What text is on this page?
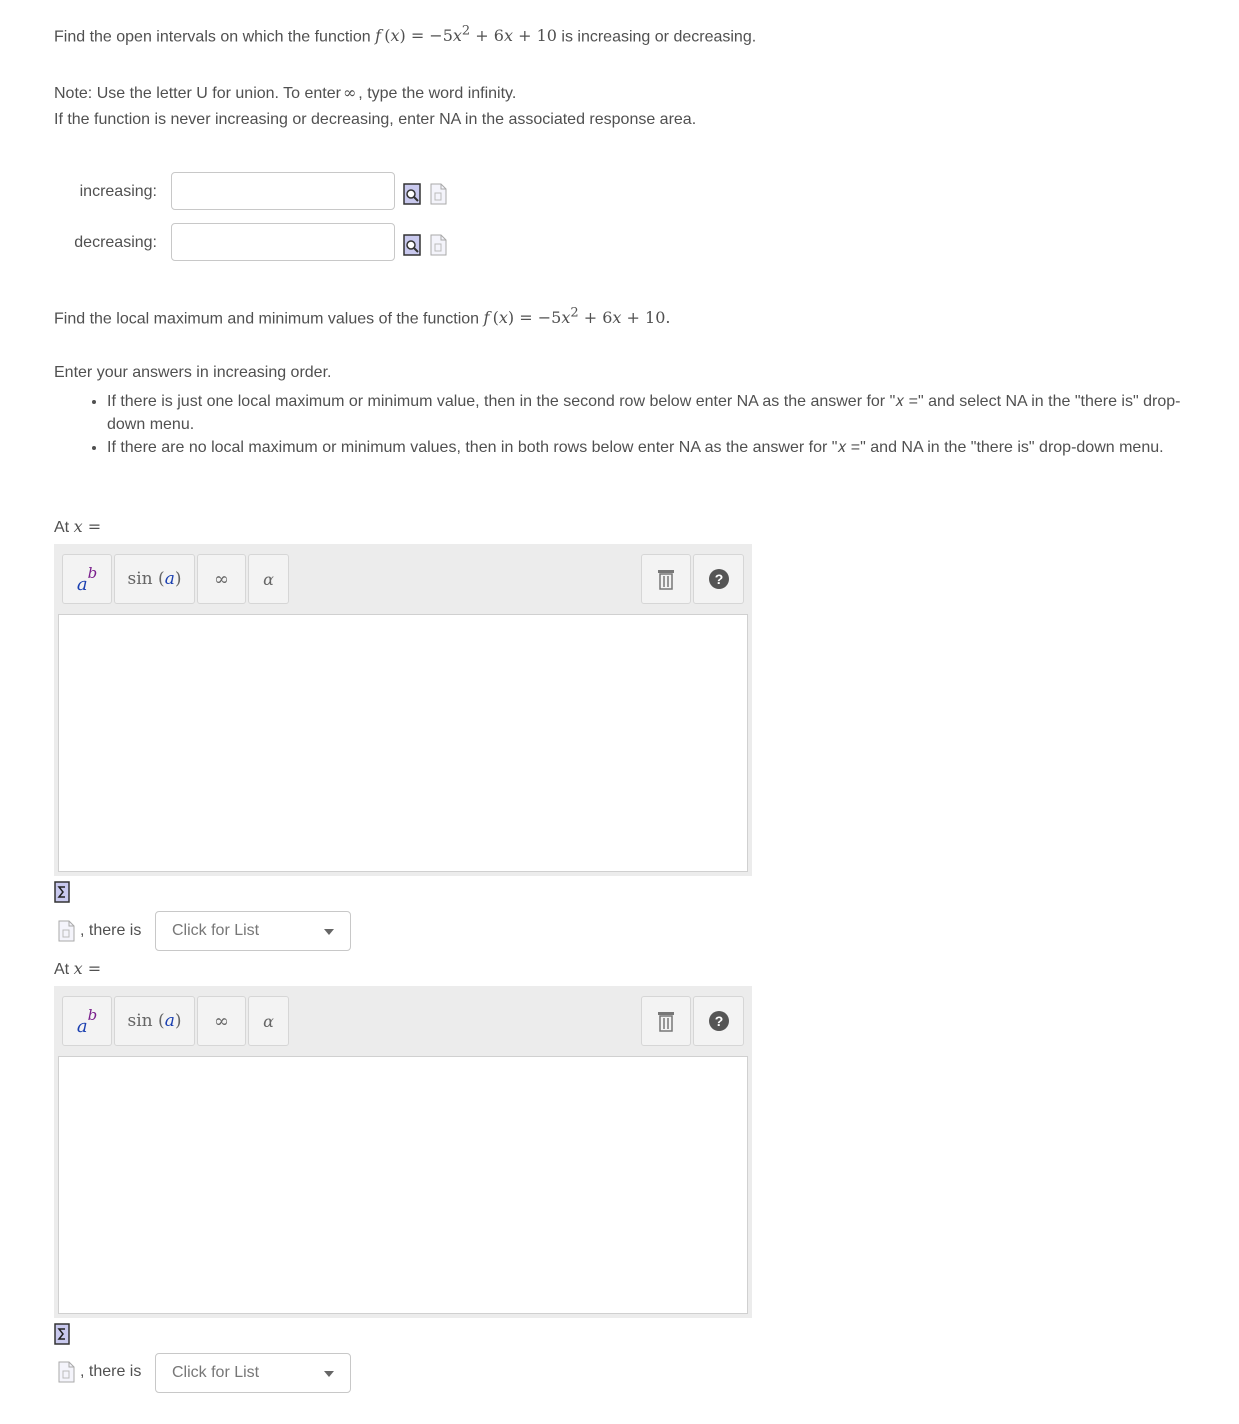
Find the open intervals on which the function f $(x) = -5x^2 + 6x + 10$ is increasing or decreasing.

Note: Use the letter U for union. To enter ∞ , type the word infinity.

If the function is never increasing or decreasing, enter NA in the associated response area.

increasing:
decreasing:

Find the local maximum and minimum values of the function f $(x) = -5x^2 + 6x + 10$.

Enter your answers in increasing order.

• If there is just one local maximum or minimum value, then in the second row below enter NA as the answer for "𝑥 =" and select NA in the "there is" drop-down menu.
• If there are no local maximum or minimum values, then in both rows below enter NA as the answer for "𝑥 =" and NA in the "there is" drop-down menu.

At x =

a
b sin ( a )	∞	α	?
, there is Click for List

At x =

a
b sin ( a )	∞	α	?
, there is Click for List
